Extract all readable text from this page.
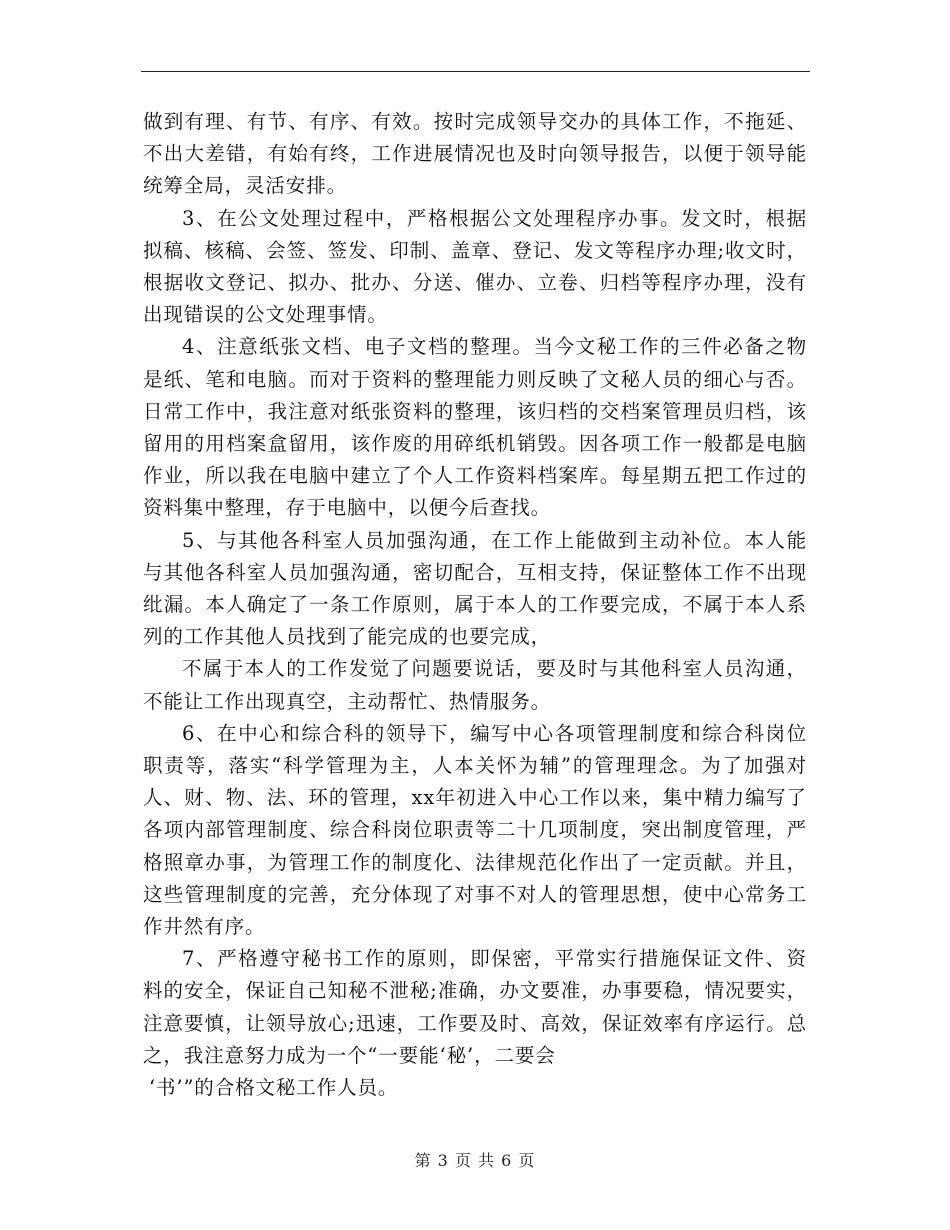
做到有理、有节、有序、有效。按时完成领导交办的具体工作，不拖延、不出大差错，有始有终，工作进展情况也及时向领导报告，以便于领导能统筹全局，灵活安排。

3、在公文处理过程中，严格根据公文处理程序办事。发文时，根据拟稿、核稿、会签、签发、印制、盖章、登记、发文等程序办理;收文时，根据收文登记、拟办、批办、分送、催办、立卷、归档等程序办理，没有出现错误的公文处理事情。

4、注意纸张文档、电子文档的整理。当今文秘工作的三件必备之物是纸、笔和电脑。而对于资料的整理能力则反映了文秘人员的细心与否。日常工作中，我注意对纸张资料的整理，该归档的交档案管理员归档，该留用的用档案盒留用，该作废的用碎纸机销毁。因各项工作一般都是电脑作业，所以我在电脑中建立了个人工作资料档案库。每星期五把工作过的资料集中整理，存于电脑中，以便今后查找。

5、与其他各科室人员加强沟通，在工作上能做到主动补位。本人能与其他各科室人员加强沟通，密切配合，互相支持，保证整体工作不出现纰漏。本人确定了一条工作原则，属于本人的工作要完成，不属于本人系列的工作其他人员找到了能完成的也要完成，

不属于本人的工作发觉了问题要说话，要及时与其他科室人员沟通，不能让工作出现真空，主动帮忙、热情服务。

6、在中心和综合科的领导下，编写中心各项管理制度和综合科岗位职责等，落实“科学管理为主，人本关怀为辅”的管理理念。为了加强对人、财、物、法、环的管理，xx年初进入中心工作以来，集中精力编写了各项内部管理制度、综合科岗位职责等二十几项制度，突出制度管理，严格照章办事，为管理工作的制度化、法律规范化作出了一定贡献。并且，这些管理制度的完善，充分体现了对事不对人的管理思想，使中心常务工作井然有序。

7、严格遵守秘书工作的原则，即保密，平常实行措施保证文件、资料的安全，保证自己知秘不泄秘;准确，办文要准，办事要稳，情况要实，注意要慎，让领导放心;迅速，工作要及时、高效，保证效率有序运行。总之，我注意努力成为一个“一要能‘秘’，二要会

‘书’”的合格文秘工作人员。

第 3 页 共 6 页
